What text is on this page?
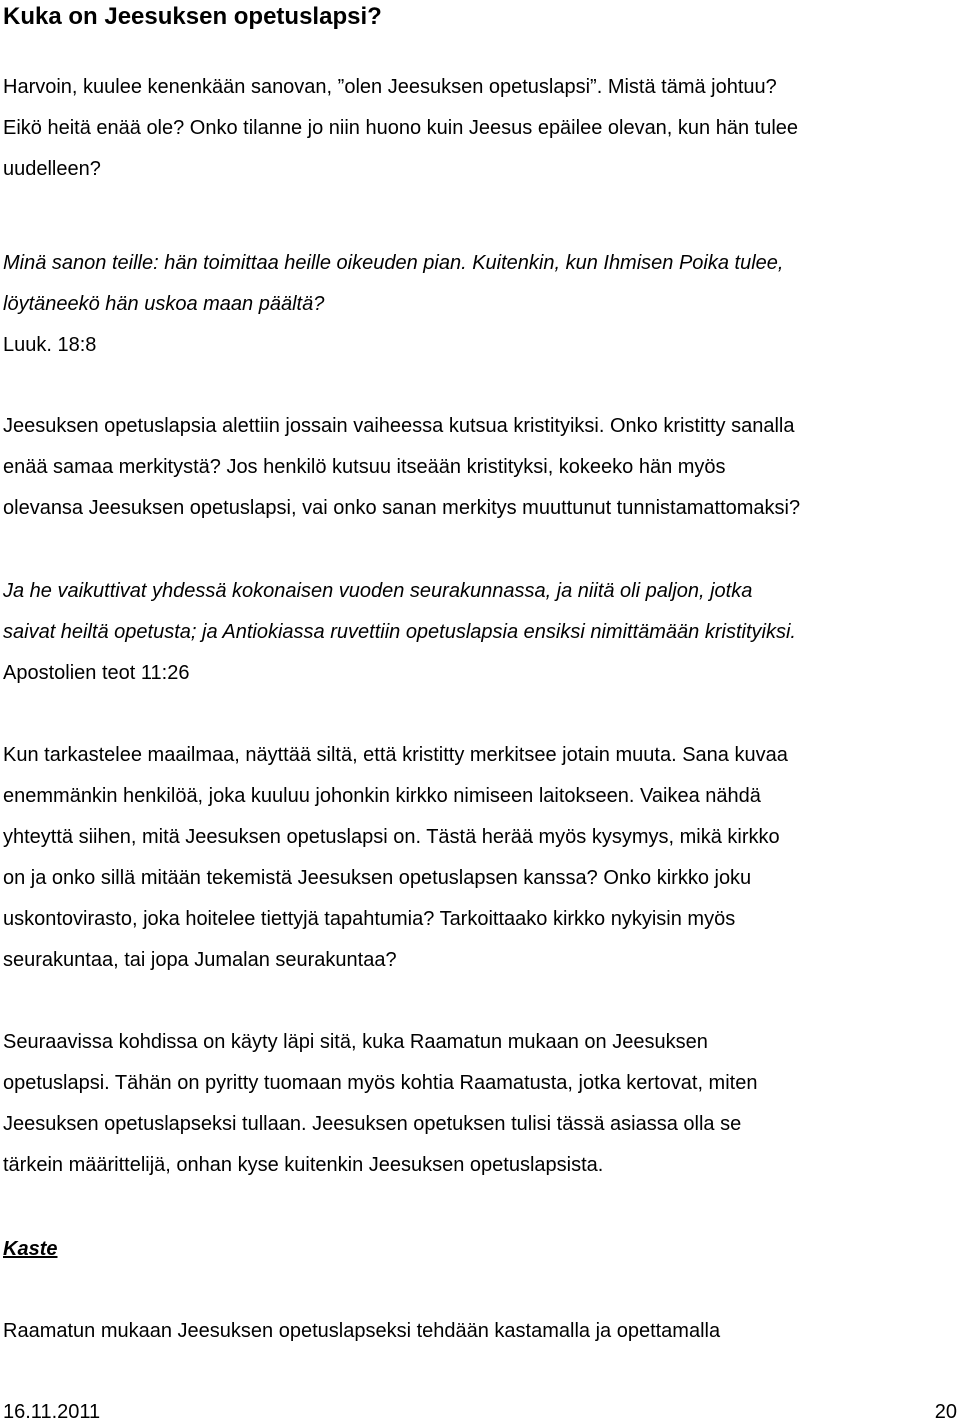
Kuka on Jeesuksen opetuslapsi?

Harvoin, kuulee kenenkään sanovan, ”olen Jeesuksen opetuslapsi”. Mistä tämä johtuu?
Eikö heitä enää ole? Onko tilanne jo niin huono kuin Jeesus epäilee olevan, kun hän tulee
uudelleen?

Minä sanon teille: hän toimittaa heille oikeuden pian. Kuitenkin, kun Ihmisen Poika tulee,
löytäneekö hän uskoa maan päältä?

Luuk. 18:8

Jeesuksen opetuslapsia alettiin jossain vaiheessa kutsua kristityiksi. Onko kristitty sanalla
enää samaa merkitystä? Jos henkilö kutsuu itseään kristityksi, kokeeko hän myös
olevansa Jeesuksen opetuslapsi, vai onko sanan merkitys muuttunut tunnistamattomaksi?

Ja he vaikuttivat yhdessä kokonaisen vuoden seurakunnassa, ja niitä oli paljon, jotka
saivat heiltä opetusta; ja Antiokiassa ruvettiin opetuslapsia ensiksi nimittämään kristityiksi.

Apostolien teot 11:26

Kun tarkastelee maailmaa, näyttää siltä, että kristitty merkitsee jotain muuta. Sana kuvaa
enemmänkin henkilöä, joka kuuluu johonkin kirkko nimiseen laitokseen. Vaikea nähdä
yhteyttä siihen, mitä Jeesuksen opetuslapsi on. Tästä herää myös kysymys, mikä kirkko
on ja onko sillä mitään tekemistä Jeesuksen opetuslapsen kanssa? Onko kirkko joku
uskontovirasto, joka hoitelee tiettyjä tapahtumia? Tarkoittaako kirkko nykyisin myös
seurakuntaa, tai jopa Jumalan seurakuntaa?

Seuraavissa kohdissa on käyty läpi sitä, kuka Raamatun mukaan on Jeesuksen
opetuslapsi. Tähän on pyritty tuomaan myös kohtia Raamatusta, jotka kertovat, miten
Jeesuksen opetuslapseksi tullaan. Jeesuksen opetuksen tulisi tässä asiassa olla se
tärkein määrittelijä, onhan kyse kuitenkin Jeesuksen opetuslapsista.

Kaste

Raamatun mukaan Jeesuksen opetuslapseksi tehdään kastamalla ja opettamalla

16.11.2011	20
